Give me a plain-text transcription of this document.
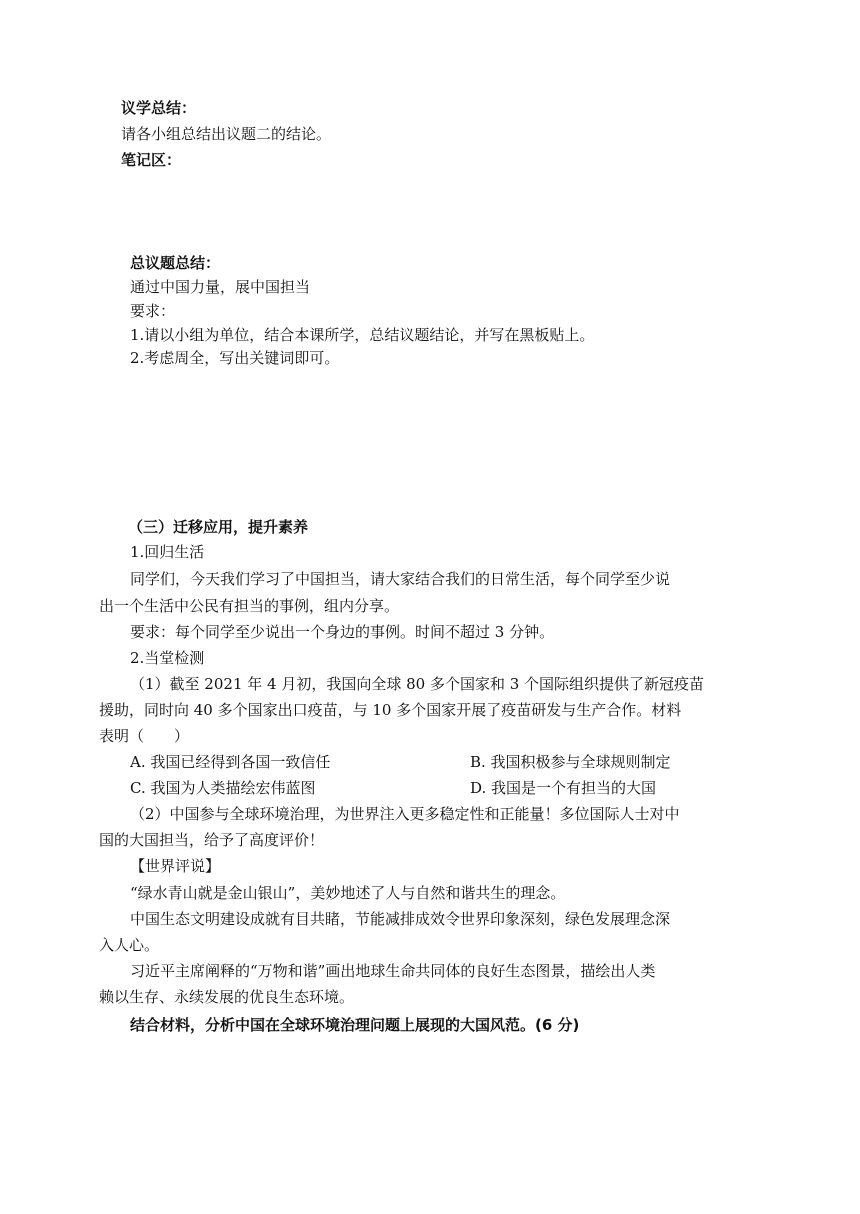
议学总结：
请各小组总结出议题二的结论。
笔记区：
总议题总结：
通过中国力量，展中国担当
要求：
1.请以小组为单位，结合本课所学，总结议题结论，并写在黑板贴上。
2.考虑周全，写出关键词即可。
（三）迁移应用，提升素养
1.回归生活
同学们，今天我们学习了中国担当，请大家结合我们的日常生活，每个同学至少说
出一个生活中公民有担当的事例，组内分享。
要求：每个同学至少说出一个身边的事例。时间不超过 3 分钟。
2.当堂检测
（1）截至 2021 年 4 月初，我国向全球 80 多个国家和 3 个国际组织提供了新冠疫苗
援助，同时向 40 多个国家出口疫苗，与 10 多个国家开展了疫苗研发与生产合作。材料
表明（　　）
A. 我国已经得到各国一致信任	B. 我国积极参与全球规则制定
C. 我国为人类描绘宏伟蓝图	D. 我国是一个有担当的大国
（2）中国参与全球环境治理，为世界注入更多稳定性和正能量！多位国际人士对中
国的大国担当，给予了高度评价！
【世界评说】
“绿水青山就是金山银山”，美妙地述了人与自然和谐共生的理念。
中国生态文明建设成就有目共睹，节能减排成效令世界印象深刻，绿色发展理念深
入人心。
习近平主席阐释的“万物和谐”画出地球生命共同体的良好生态图景，描绘出人类
赖以生存、永续发展的优良生态环境。
结合材料，分析中国在全球环境治理问题上展现的大国风范。(6 分)
